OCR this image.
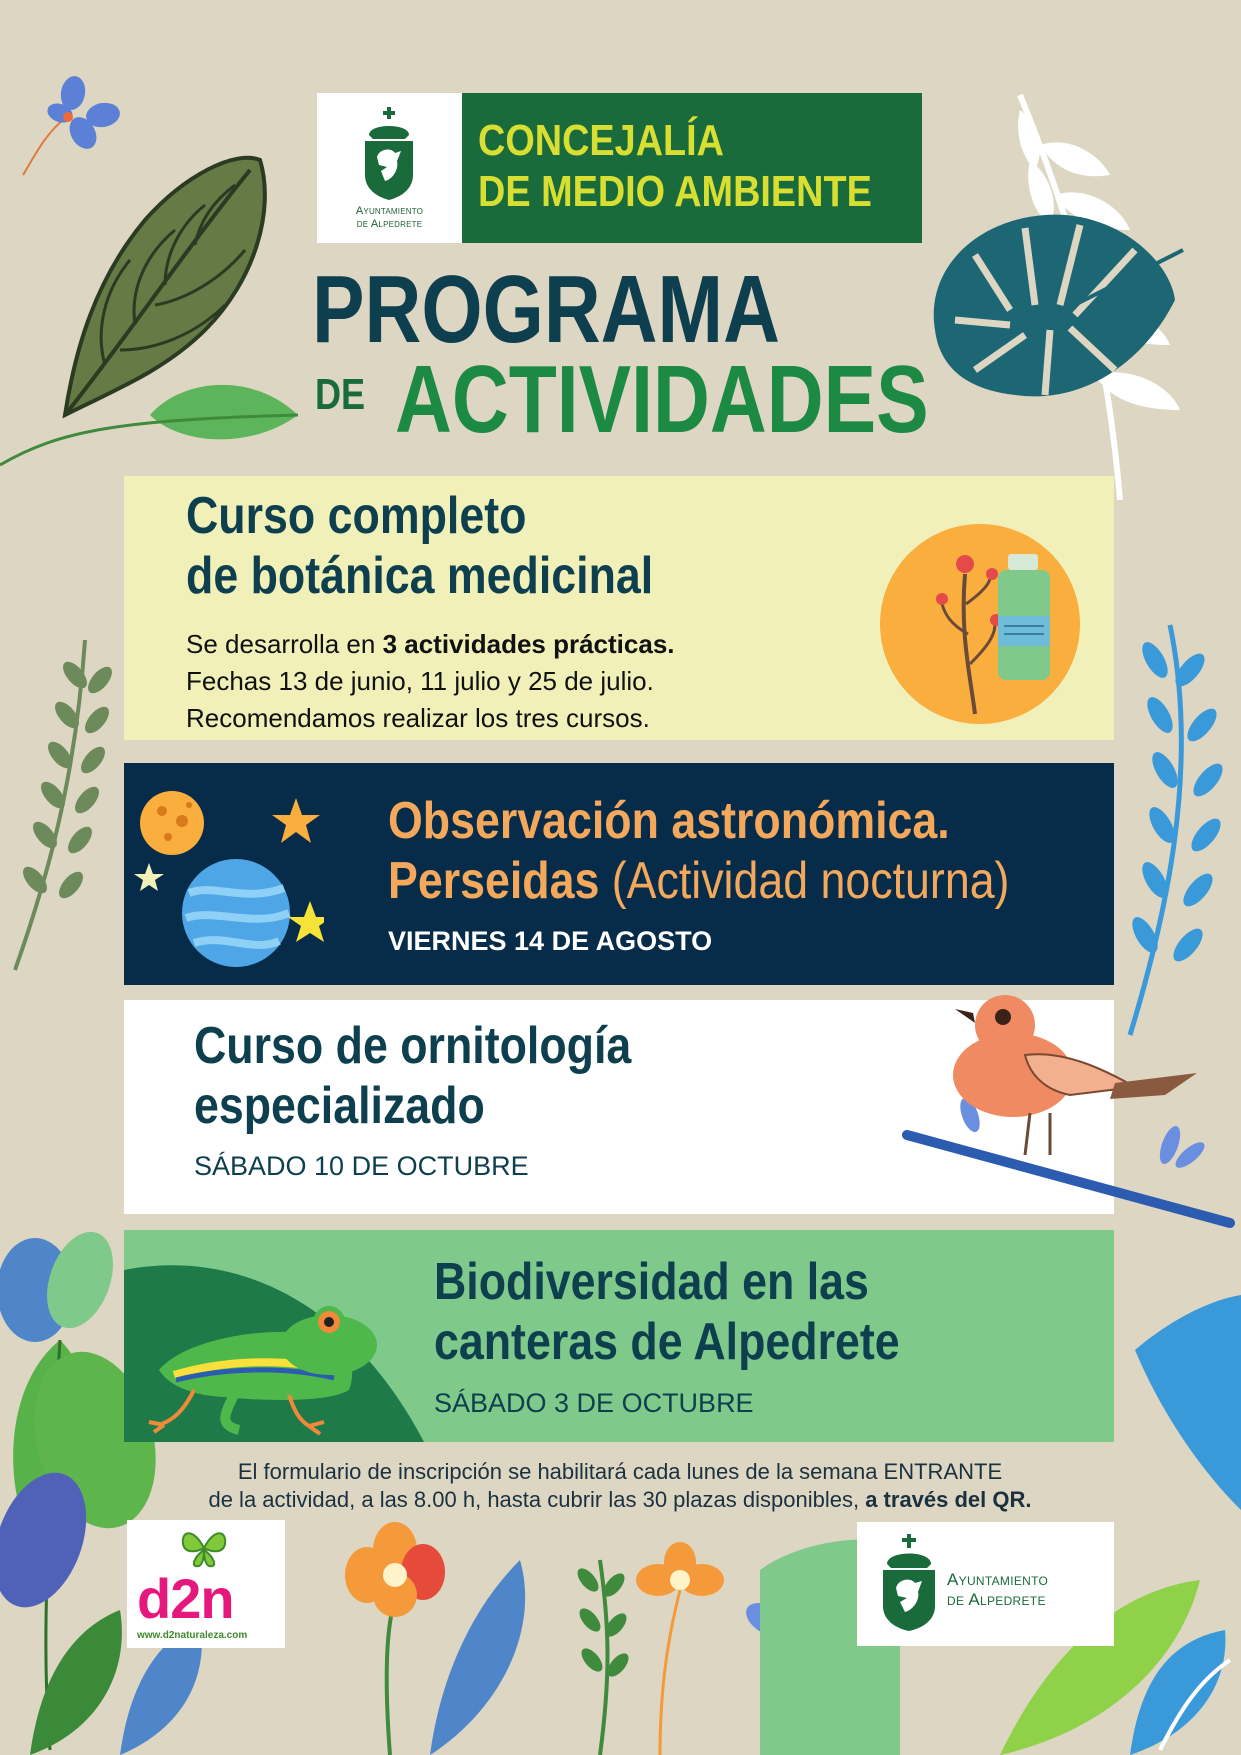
Ayuntamiento
de Alpedrete
CONCEJALÍA
DE MEDIO AMBIENTE
PROGRAMA
DE ACTIVIDADES
Curso completo
de botánica medicinal
Se desarrolla en 3 actividades prácticas.
Fechas 13 de junio, 11 julio y 25 de julio.
Recomendamos realizar los tres cursos.
Observación astronómica.
Perseidas (Actividad nocturna)
VIERNES 14 DE AGOSTO
Curso de ornitología
especializado
SÁBADO 10 DE OCTUBRE
Biodiversidad en las
canteras de Alpedrete
SÁBADO 3 DE OCTUBRE
El formulario de inscripción se habilitará cada lunes de la semana ENTRANTE
de la actividad, a las 8.00 h, hasta cubrir las 30 plazas disponibles, a través del QR.
d2n
www.d2naturaleza.com
Ayuntamiento
de Alpedrete
